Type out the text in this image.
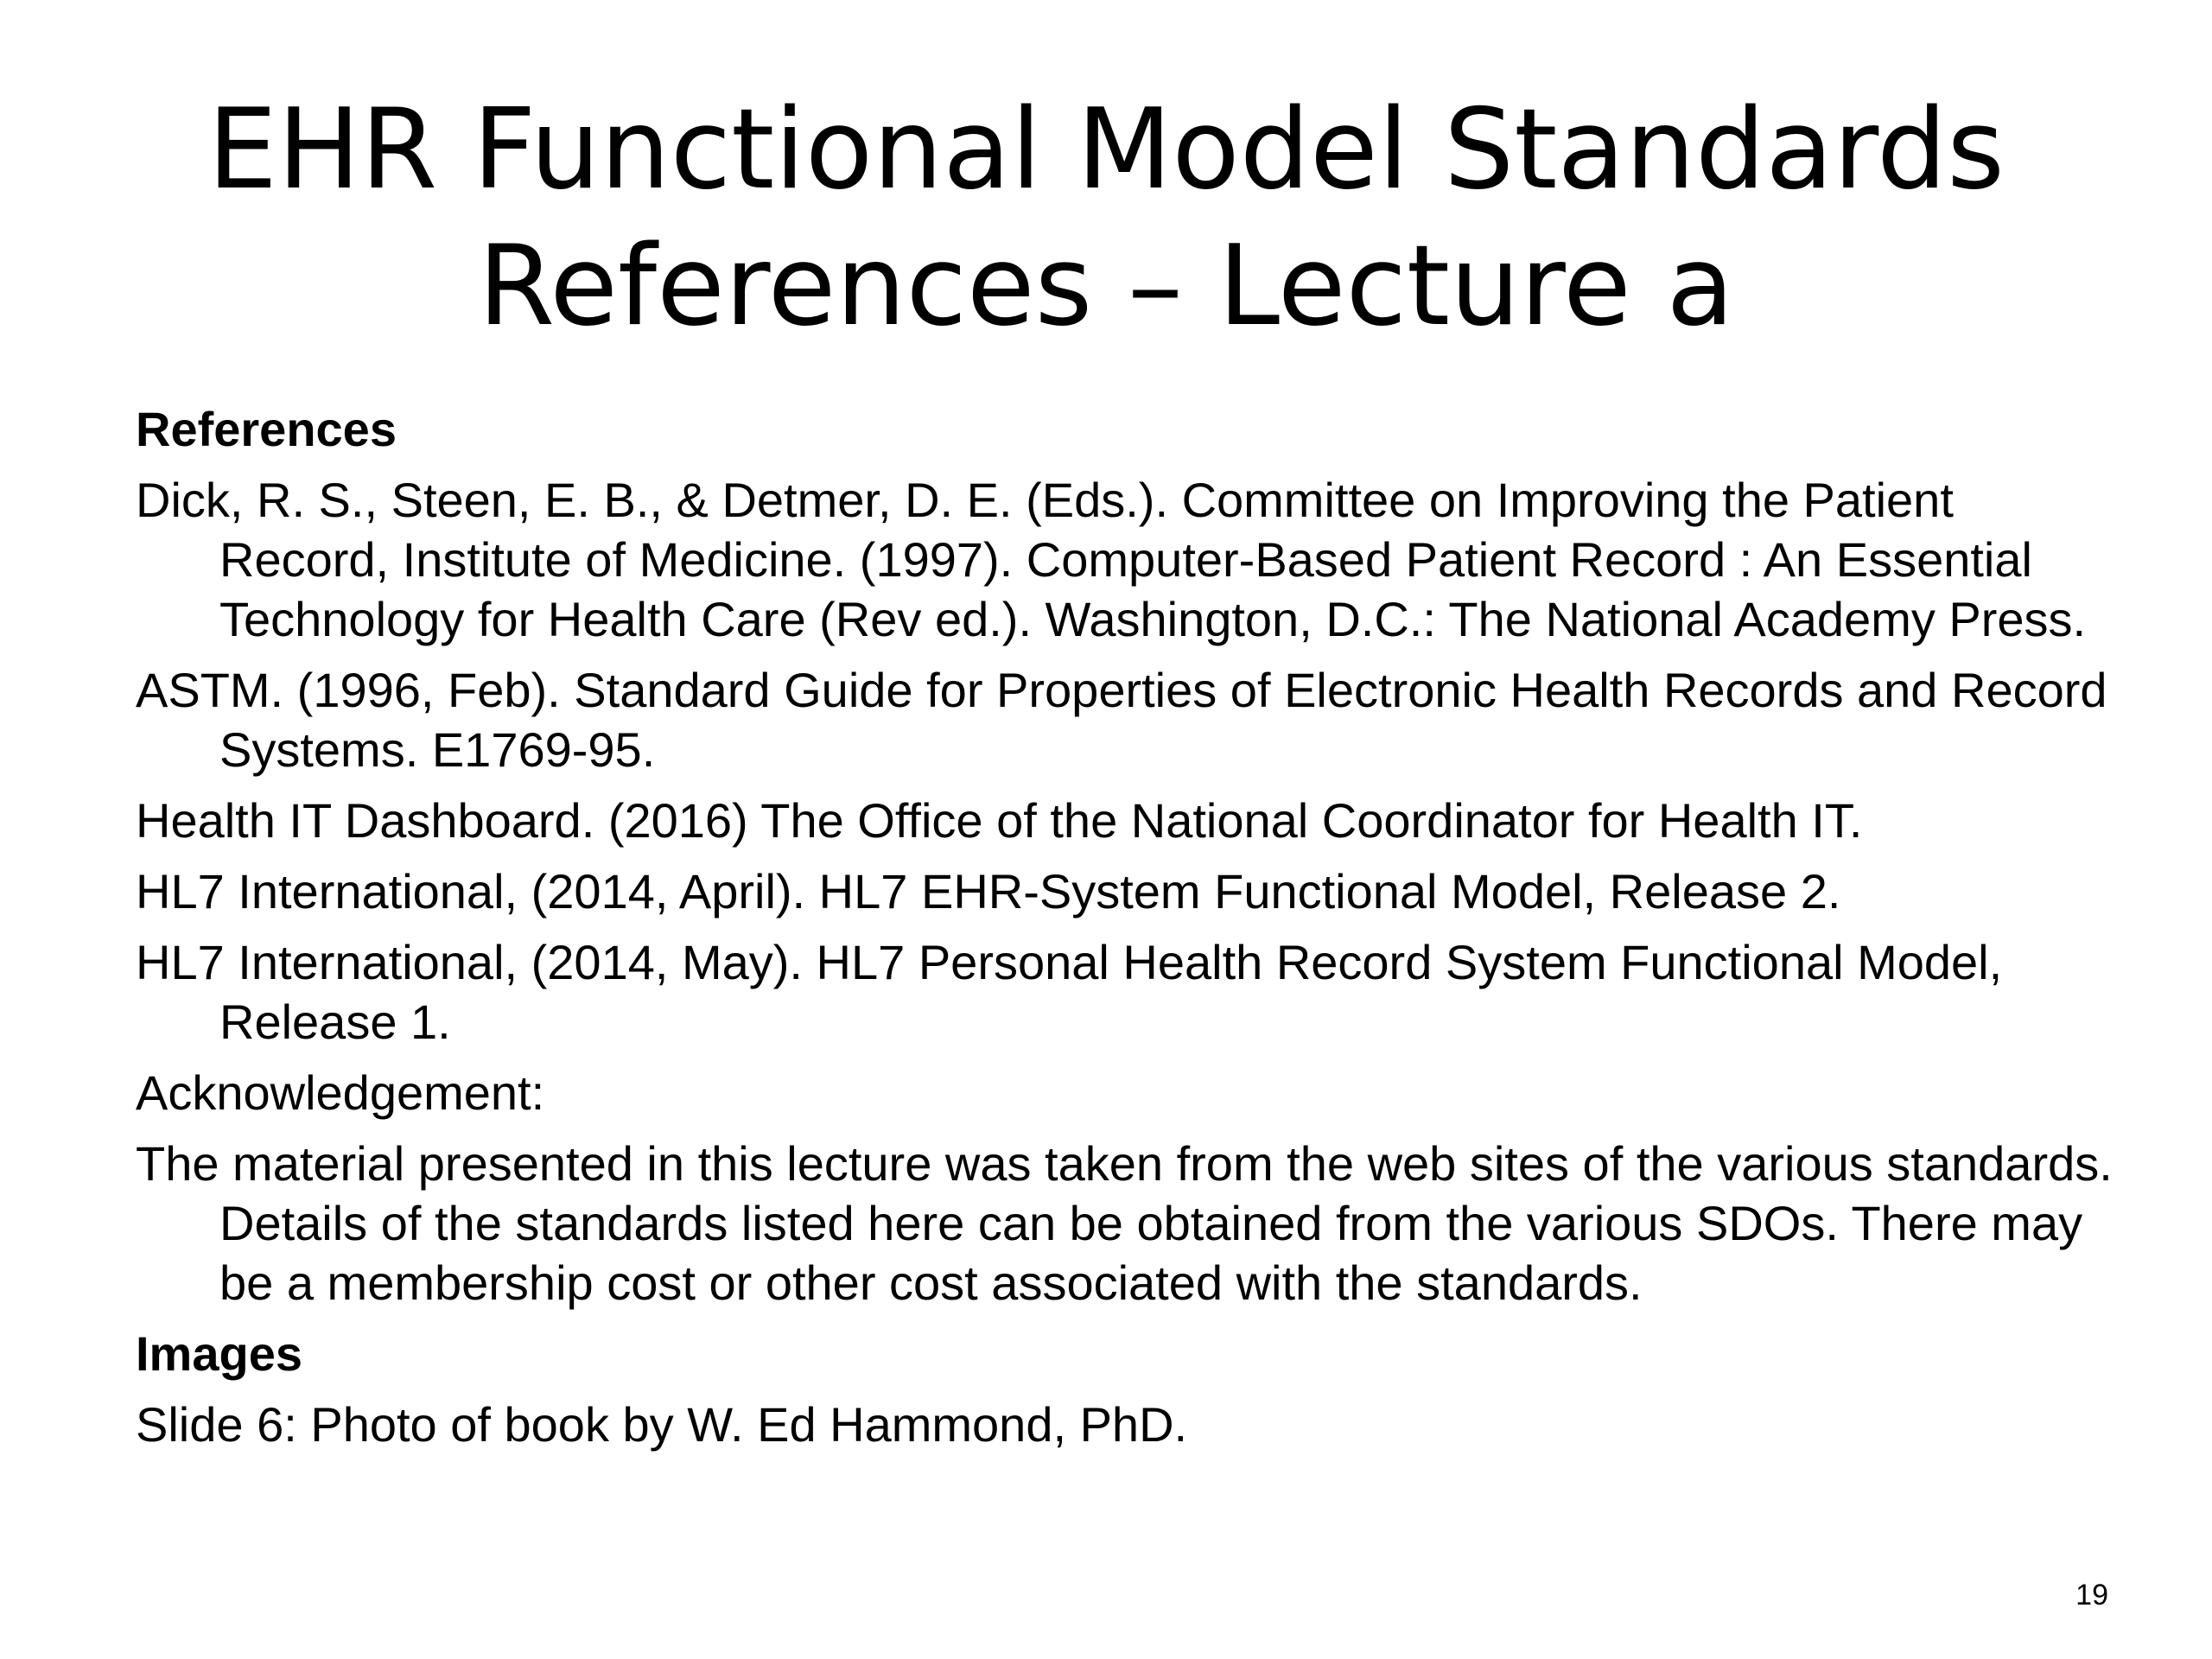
EHR Functional Model Standards
References – Lecture a

References

Dick, R. S., Steen, E. B., & Detmer, D. E. (Eds.). Committee on Improving the Patient Record, Institute of Medicine. (1997). Computer-Based Patient Record : An Essential Technology for Health Care (Rev ed.). Washington, D.C.: The National Academy Press.

ASTM. (1996, Feb). Standard Guide for Properties of Electronic Health Records and Record Systems. E1769-95.

Health IT Dashboard. (2016) The Office of the National Coordinator for Health IT.

HL7 International, (2014, April). HL7 EHR-System Functional Model, Release 2.

HL7 International, (2014, May). HL7 Personal Health Record System Functional Model, Release 1.

Acknowledgement:

The material presented in this lecture was taken from the web sites of the various standards. Details of the standards listed here can be obtained from the various SDOs. There may be a membership cost or other cost associated with the standards.

Images

Slide 6: Photo of book by W. Ed Hammond, PhD.

19
